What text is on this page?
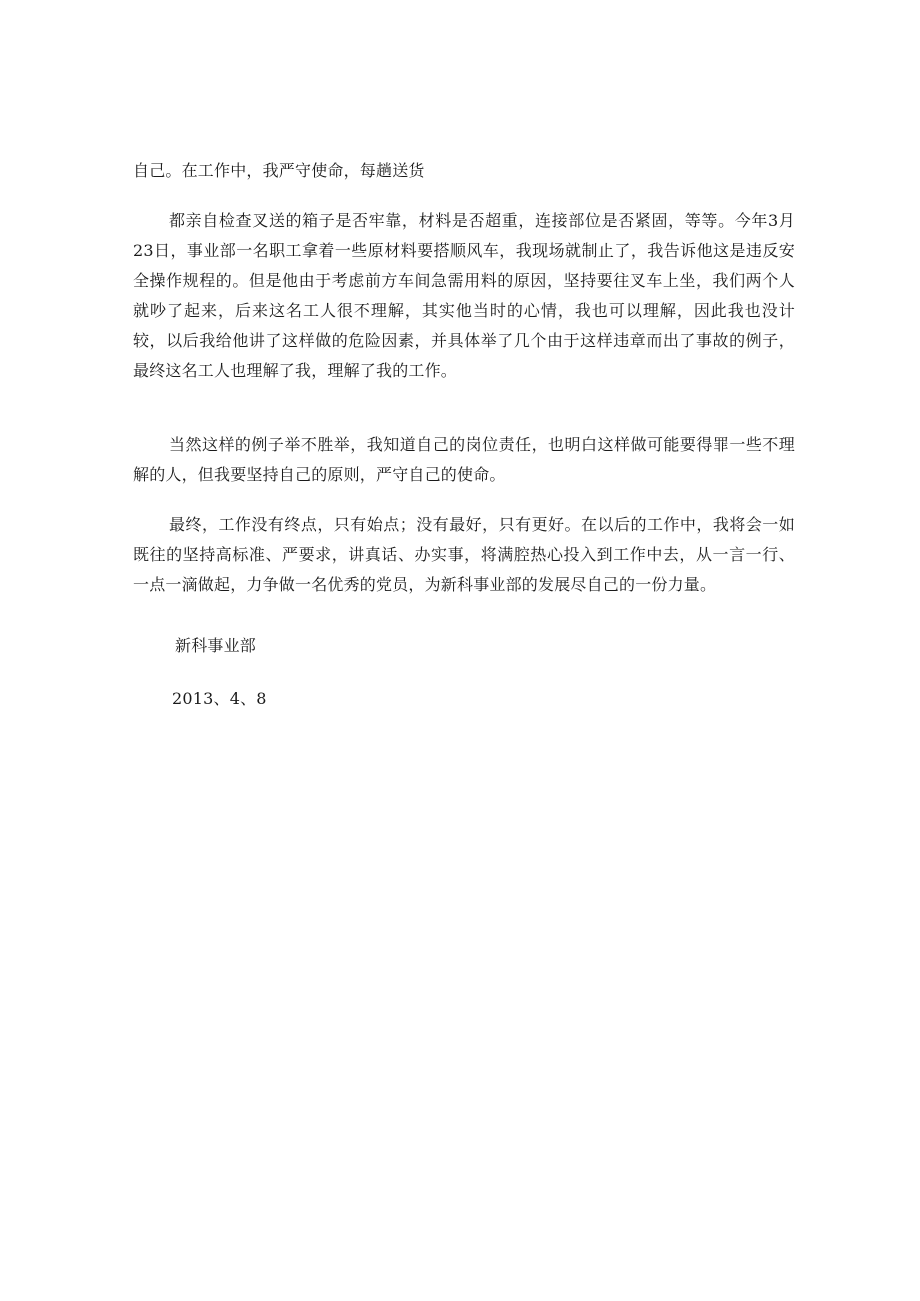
自己。在工作中，我严守使命，每趟送货

都亲自检查叉送的箱子是否牢靠，材料是否超重，连接部位是否紧固，等等。今年3月23日，事业部一名职工拿着一些原材料要搭顺风车，我现场就制止了，我告诉他这是违反安全操作规程的。但是他由于考虑前方车间急需用料的原因，坚持要往叉车上坐，我们两个人就吵了起来，后来这名工人很不理解，其实他当时的心情，我也可以理解，因此我也没计较，以后我给他讲了这样做的危险因素，并具体举了几个由于这样违章而出了事故的例子，最终这名工人也理解了我，理解了我的工作。

当然这样的例子举不胜举，我知道自己的岗位责任，也明白这样做可能要得罪一些不理解的人，但我要坚持自己的原则，严守自己的使命。

最终，工作没有终点，只有始点；没有最好，只有更好。在以后的工作中，我将会一如既往的坚持高标准、严要求，讲真话、办实事，将满腔热心投入到工作中去，从一言一行、一点一滴做起，力争做一名优秀的党员，为新科事业部的发展尽自己的一份力量。

新科事业部

2013、4、8
